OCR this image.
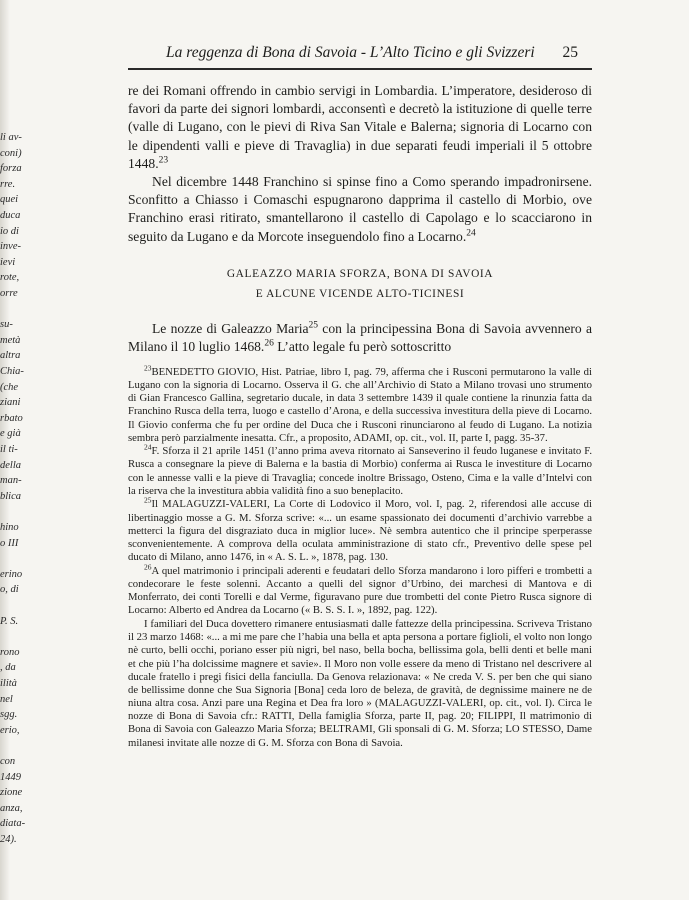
li av-
coni)
forza
rre.
quei
duca
io di
inve-
ievi
rote,
orre
su-
metà
altra
Chia-
(che
ziani
rbato
e già
il ti-
della
man-
blica
hino
o III
erino
o, di
P. S.
rono
, da
ilità
nel
sgg.
erio,
con
1449
zione
anza,
diata-
24).
La reggenza di Bona di Savoia - L’Alto Ticino e gli Svizzeri 25

re dei Romani offrendo in cambio servigi in Lombardia. L’imperatore, desideroso di favori da parte dei signori lombardi, acconsentì e decretò la istituzione di quelle terre (valle di Lugano, con le pievi di Riva San Vitale e Balerna; signoria di Locarno con le dipendenti valli e pieve di Travaglia) in due separati feudi imperiali il 5 ottobre 1448.23

Nel dicembre 1448 Franchino si spinse fino a Como sperando impadronirsene. Sconfitto a Chiasso i Comaschi espugnarono dapprima il castello di Morbio, ove Franchino erasi ritirato, smantellarono il castello di Capolago e lo scacciarono in seguito da Lugano e da Morcote inseguendolo fino a Locarno.$^{24}$

GALEAZZO MARIA SFORZA, BONA DI SAVOIA
E ALCUNE VICENDE ALTO-TICINESI

Le nozze di Galeazzo Maria$^{25}$ con la principessina Bona di Savoia avvennero a Milano il 10 luglio 1468.26 L’atto legale fu però sottoscritto

$^{23}$BENEDETTO GIOVIO, Hist. Patriae, libro I, pag. 79, afferma che i Rusconi permutarono la valle di Lugano con la signoria di Locarno. Osserva il G. che all’Archivio di Stato a Milano trovasi uno strumento di Gian Francesco Gallina, segretario ducale, in data 3 settembre 1439 il quale contiene la rinunzia fatta da Franchino Rusca della terra, luogo e castello d’Arona, e della successiva investitura della pieve di Locarno. Il Giovio conferma che fu per ordine del Duca che i Rusconi rinunciarono al feudo di Lugano. La notizia sembra però parzialmente inesatta. Cfr., a proposito, ADAMI, op. cit., vol. II, parte I, pagg. 35-37.

$^{24}$F. Sforza il 21 aprile 1451 (l’anno prima aveva ritornato ai Sanseverino il feudo luganese e invitato F. Rusca a consegnare la pieve di Balerna e la bastia di Morbio) conferma ai Rusca le investiture di Locarno con le annesse valli e la pieve di Travaglia; concede inoltre Brissago, Osteno, Cima e la valle d’Intelvi con la riserva che la investitura abbia validità fino a suo beneplacito.

$^{25}$Il MALAGUZZI-VALERI, La Corte di Lodovico il Moro, vol. I, pag. 2, riferendosi alle accuse di libertinaggio mosse a G. M. Sforza scrive: «... un esame spassionato dei documenti d’archivio varrebbe a metterci la figura del disgraziato duca in miglior luce». Nè sembra autentico che il principe sperperasse sconvenientemente. A comprova della oculata amministrazione di stato cfr., Preventivo delle spese pel ducato di Milano, anno 1476, in « A. S. L. », 1878, pag. 130.

$^{26}$A quel matrimonio i principali aderenti e feudatari dello Sforza mandarono i loro pifferi e trombetti a condecorare le feste solenni. Accanto a quelli del signor d’Urbino, dei marchesi di Mantova e di Monferrato, dei conti Torelli e dal Verme, figuravano pure due trombetti del conte Pietro Rusca signore di Locarno: Alberto ed Andrea da Locarno (« B. S. S. I. », 1892, pag. 122).

I familiari del Duca dovettero rimanere entusiasmati dalle fattezze della principessina. Scriveva Tristano il 23 marzo 1468: «... a mi me pare che l’habia una bella et apta persona a portare figlioli, el volto non longo nè curto, belli occhi, poriano esser più nigri, bel naso, bella bocha, bellissima gola, belli denti et belle mani et che più l’ha dolcissime magnere et savie». Il Moro non volle essere da meno di Tristano nel descrivere al ducale fratello i pregi fisici della fanciulla. Da Genova relazionava: « Ne creda V. S. per ben che qui siano de bellissime donne che Sua Signoria [Bona] ceda loro de beleza, de gravità, de degnissime mainere ne de niuna altra cosa. Anzi pare una Regina et Dea fra loro » (MALAGUZZI-VALERI, op. cit., vol. I). Circa le nozze di Bona di Savoia cfr.: RATTI, Della famiglia Sforza, parte II, pag. 20; FILIPPI, Il matrimonio di Bona di Savoia con Galeazzo Maria Sforza; BELTRAMI, Gli sponsali di G. M. Sforza; LO STESSO, Dame milanesi invitate alle nozze di G. M. Sforza con Bona di Savoia.
